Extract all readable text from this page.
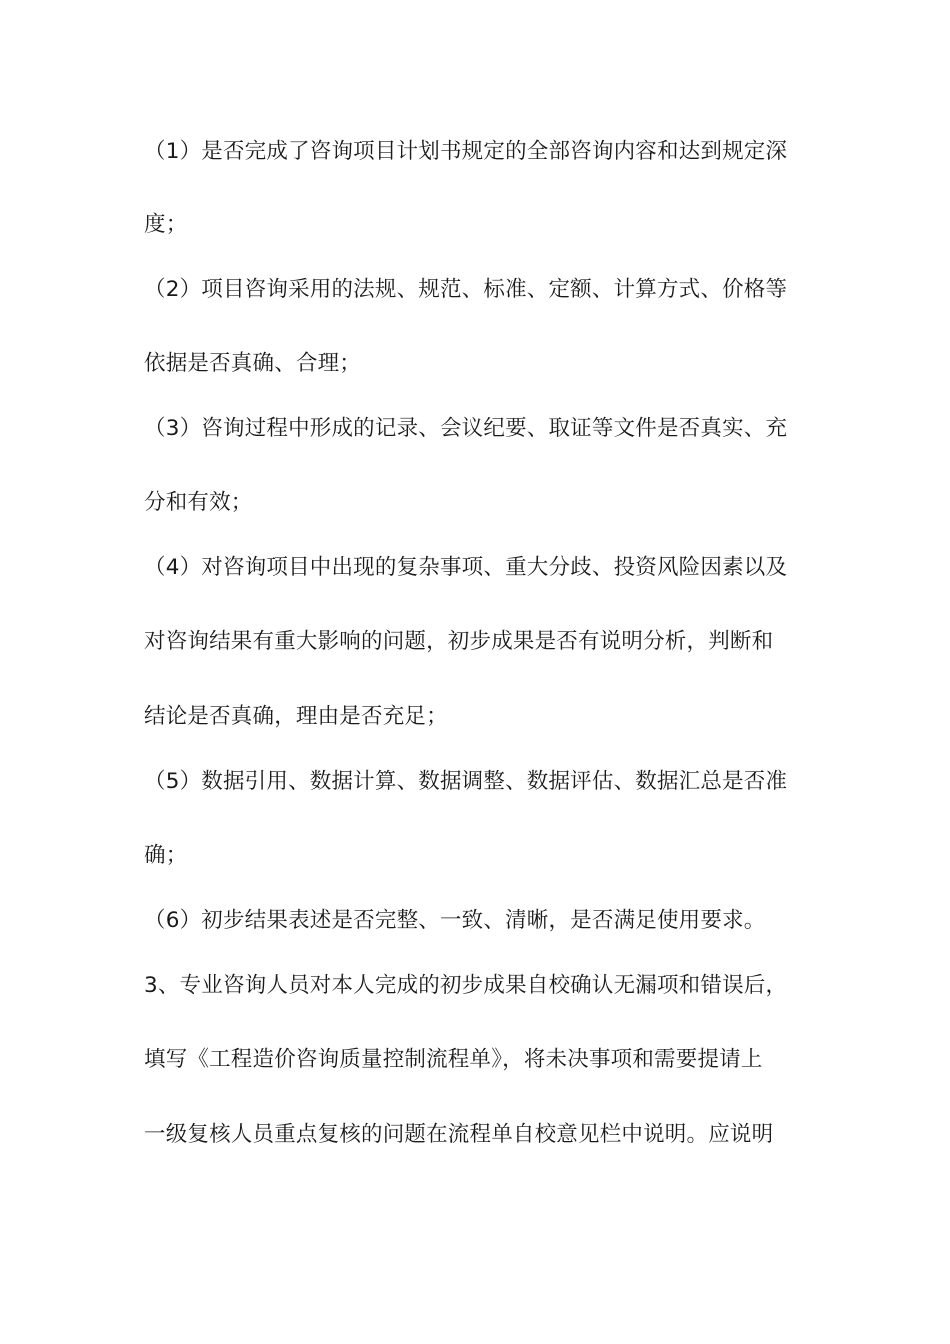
（1）是否完成了咨询项目计划书规定的全部咨询内容和达到规定深
度；
（2）项目咨询采用的法规、规范、标准、定额、计算方式、价格等
依据是否真确、合理；
（3）咨询过程中形成的记录、会议纪要、取证等文件是否真实、充
分和有效；
（4）对咨询项目中出现的复杂事项、重大分歧、投资风险因素以及
对咨询结果有重大影响的问题，初步成果是否有说明分析，判断和
结论是否真确，理由是否充足；
（5）数据引用、数据计算、数据调整、数据评估、数据汇总是否准
确；
（6）初步结果表述是否完整、一致、清晰，是否满足使用要求。
3、专业咨询人员对本人完成的初步成果自校确认无漏项和错误后，
填写《工程造价咨询质量控制流程单》，将未决事项和需要提请上
一级复核人员重点复核的问题在流程单自校意见栏中说明。应说明
